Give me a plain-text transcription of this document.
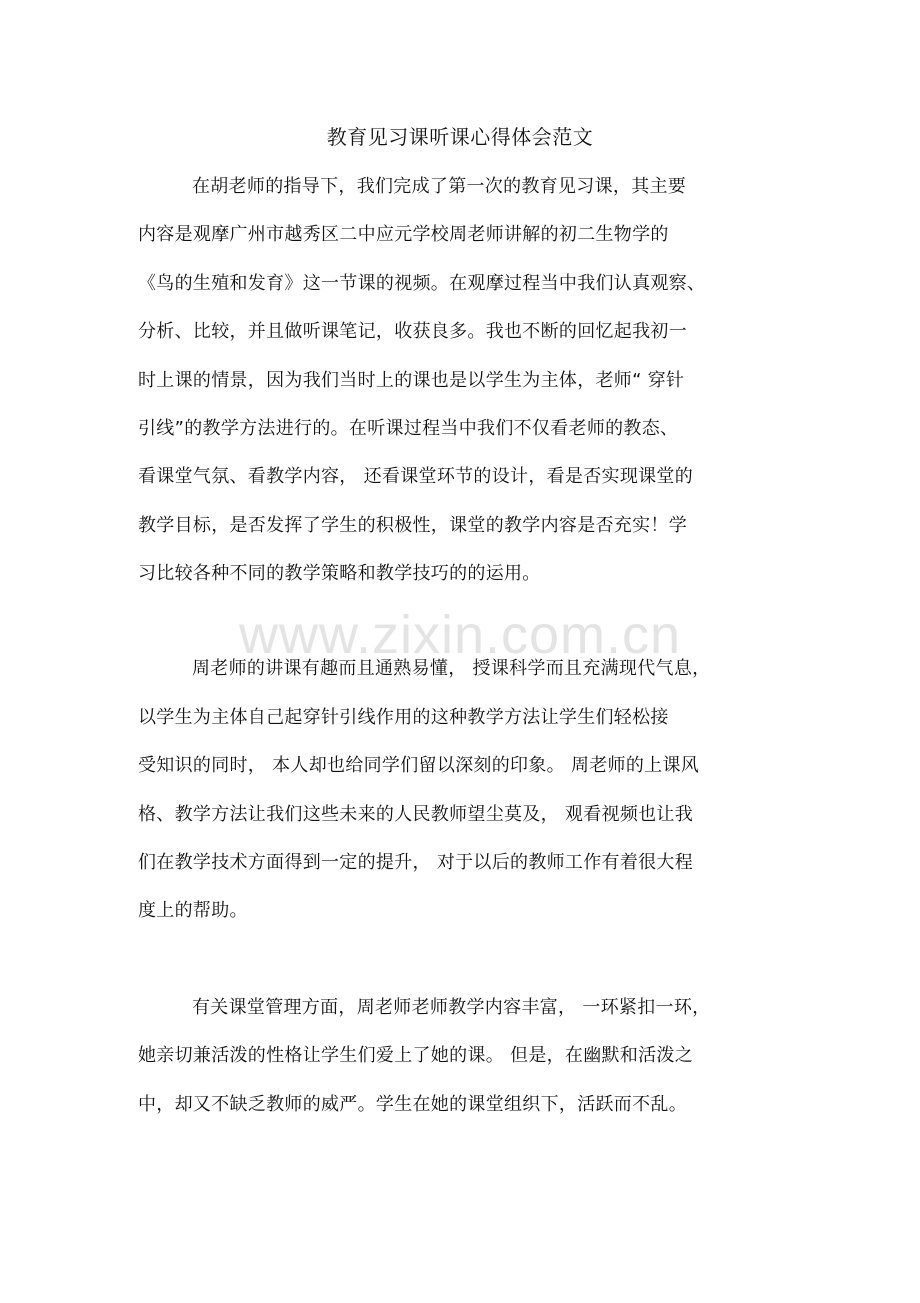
www.zixin.com.cn
教育见习课听课心得体会范文
在胡老师的指导下，我们完成了第一次的教育见习课，其主要
内容是观摩广州市越秀区二中应元学校周老师讲解的初二生物学的
《鸟的生殖和发育》这一节课的视频。在观摩过程当中我们认真观察、
分析、比较，并且做听课笔记，收获良多。我也不断的回忆起我初一
时上课的情景，因为我们当时上的课也是以学生为主体，老师“ 穿针
引线”的教学方法进行的。在听课过程当中我们不仅看老师的教态、
看课堂气氛、看教学内容， 还看课堂环节的设计，看是否实现课堂的
教学目标，是否发挥了学生的积极性，课堂的教学内容是否充实！学
习比较各种不同的教学策略和教学技巧的的运用。
周老师的讲课有趣而且通熟易懂， 授课科学而且充满现代气息，
以学生为主体自己起穿针引线作用的这种教学方法让学生们轻松接
受知识的同时， 本人却也给同学们留以深刻的印象。 周老师的上课风
格、教学方法让我们这些未来的人民教师望尘莫及， 观看视频也让我
们在教学技术方面得到一定的提升， 对于以后的教师工作有着很大程
度上的帮助。
有关课堂管理方面，周老师老师教学内容丰富， 一环紧扣一环，
她亲切兼活泼的性格让学生们爱上了她的课。 但是，在幽默和活泼之
中，却又不缺乏教师的威严。学生在她的课堂组织下，活跃而不乱。
